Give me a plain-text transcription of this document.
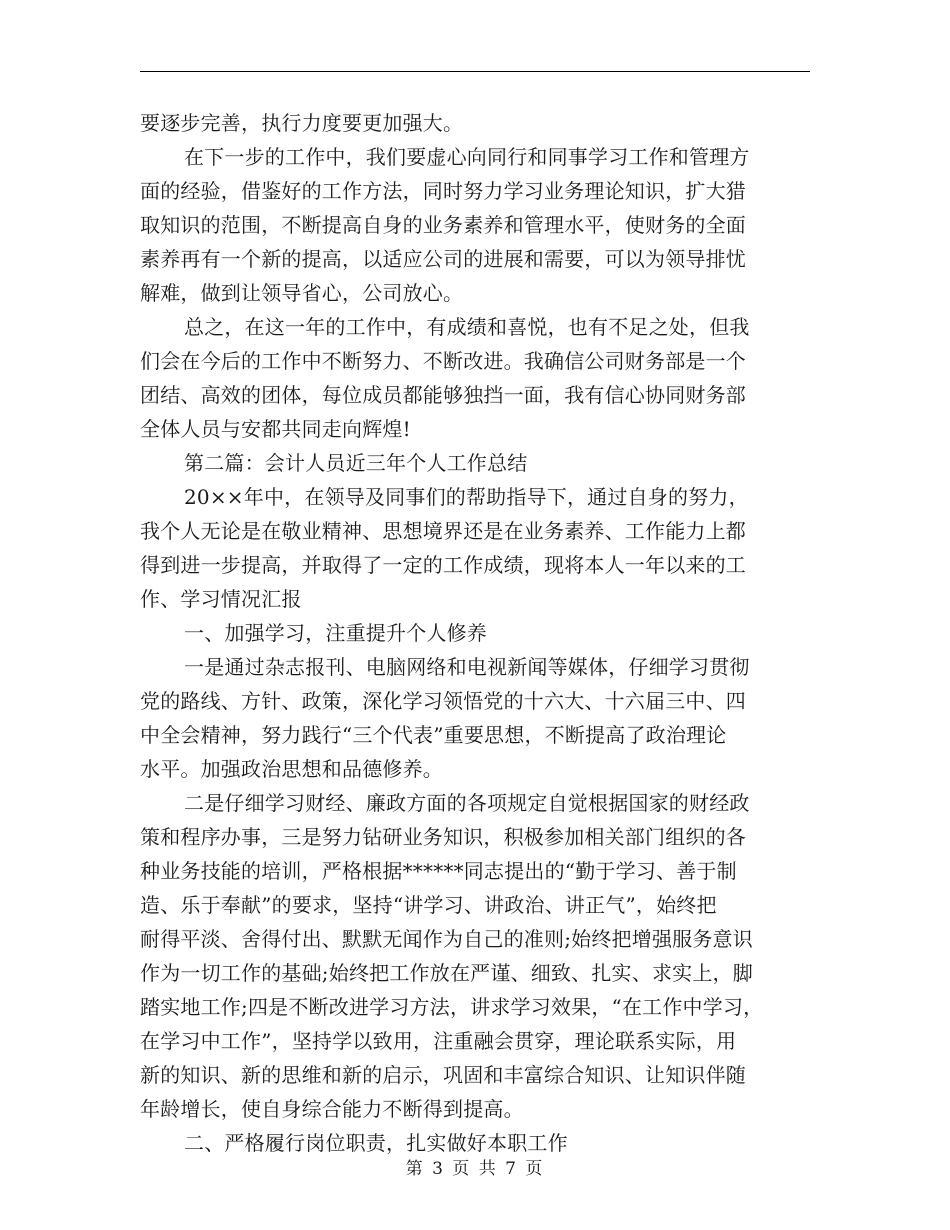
要逐步完善，执行力度要更加强大。
在下一步的工作中，我们要虚心向同行和同事学习工作和管理方
面的经验，借鉴好的工作方法，同时努力学习业务理论知识，扩大猎
取知识的范围，不断提高自身的业务素养和管理水平，使财务的全面
素养再有一个新的提高，以适应公司的进展和需要，可以为领导排忧
解难，做到让领导省心，公司放心。
总之，在这一年的工作中，有成绩和喜悦，也有不足之处，但我
们会在今后的工作中不断努力、不断改进。我确信公司财务部是一个
团结、高效的团体，每位成员都能够独挡一面，我有信心协同财务部
全体人员与安都共同走向辉煌!
第二篇：会计人员近三年个人工作总结
20××年中，在领导及同事们的帮助指导下，通过自身的努力，
我个人无论是在敬业精神、思想境界还是在业务素养、工作能力上都
得到进一步提高，并取得了一定的工作成绩，现将本人一年以来的工
作、学习情况汇报
一、加强学习，注重提升个人修养
一是通过杂志报刊、电脑网络和电视新闻等媒体，仔细学习贯彻
党的路线、方针、政策，深化学习领悟党的十六大、十六届三中、四
中全会精神，努力践行“三个代表”重要思想，不断提高了政治理论
水平。加强政治思想和品德修养。
二是仔细学习财经、廉政方面的各项规定自觉根据国家的财经政
策和程序办事，三是努力钻研业务知识，积极参加相关部门组织的各
种业务技能的培训，严格根据******同志提出的“勤于学习、善于制
造、乐于奉献”的要求，坚持“讲学习、讲政治、讲正气”，始终把
耐得平淡、舍得付出、默默无闻作为自己的准则;始终把增强服务意识
作为一切工作的基础;始终把工作放在严谨、细致、扎实、求实上，脚
踏实地工作;四是不断改进学习方法，讲求学习效果，“在工作中学习，
在学习中工作”，坚持学以致用，注重融会贯穿，理论联系实际，用
新的知识、新的思维和新的启示，巩固和丰富综合知识、让知识伴随
年龄增长，使自身综合能力不断得到提高。
二、严格履行岗位职责，扎实做好本职工作
第 3 页 共 7 页
